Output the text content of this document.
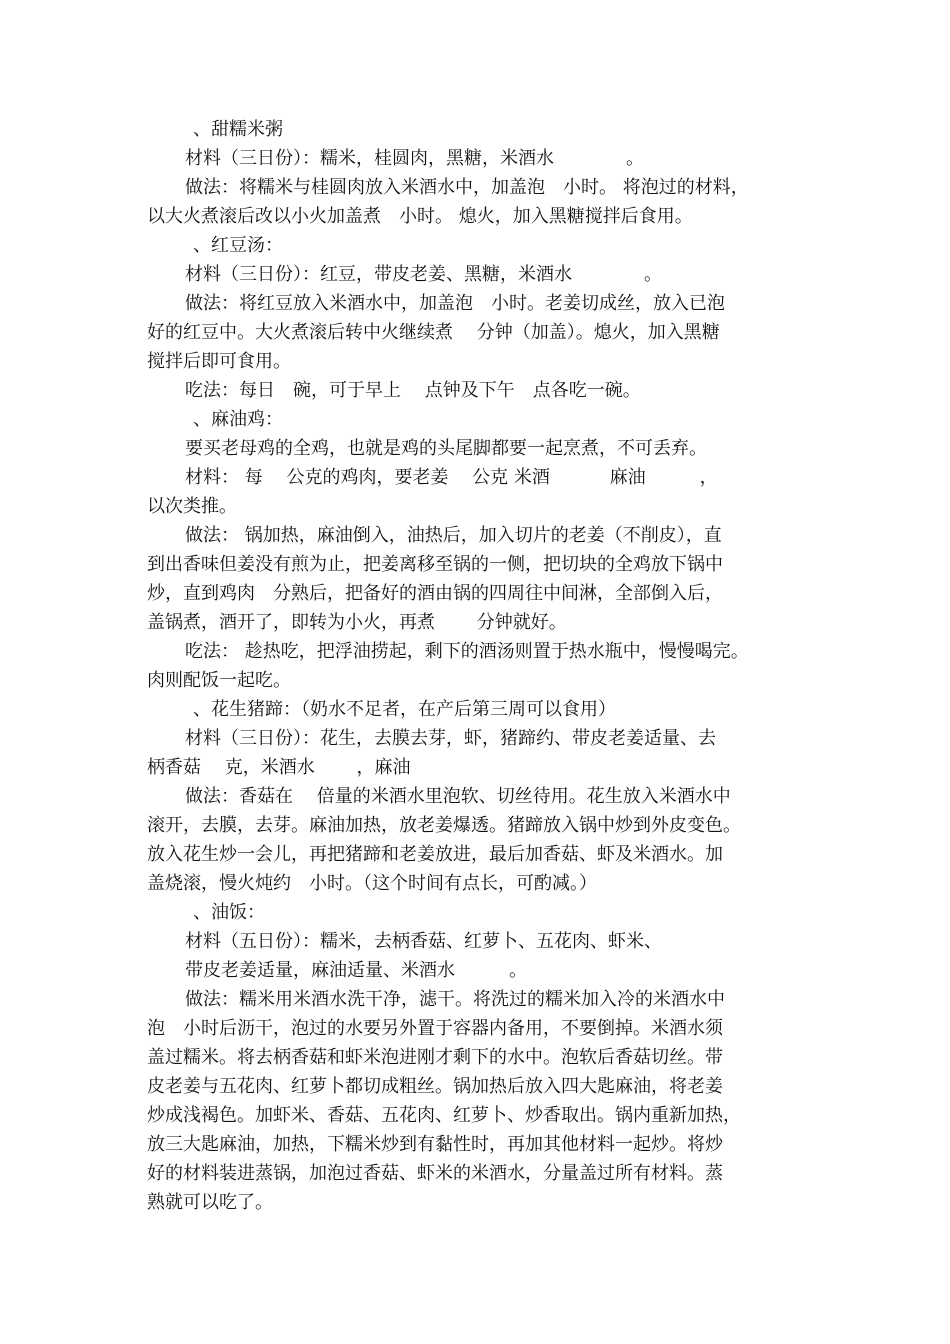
、甜糯米粥
材料（三日份）：糯米，桂圆肉，黑糖，米酒水　　　　。
做法：将糯米与桂圆肉放入米酒水中，加盖泡　小时。 将泡过的材料，
以大火煮滚后改以小火加盖煮　小时。 熄火，加入黑糖搅拌后食用。
、红豆汤：
材料（三日份）：红豆，带皮老姜、黑糖，米酒水　　　　。
做法：将红豆放入米酒水中，加盖泡　小时。老姜切成丝，放入已泡
好的红豆中。大火煮滚后转中火继续煮　 分钟（加盖）。熄火，加入黑糖
搅拌后即可食用。
吃法：每日　碗，可于早上　 点钟及下午　点各吃一碗。
、麻油鸡：
要买老母鸡的全鸡，也就是鸡的头尾脚都要一起烹煮，不可丢弃。
材料： 每　 公克的鸡肉，要老姜　 公克 米酒　　　 麻油　　　，
以次类推。
做法： 锅加热，麻油倒入，油热后，加入切片的老姜（不削皮），直
到出香味但姜没有煎为止，把姜离移至锅的一侧，把切块的全鸡放下锅中
炒，直到鸡肉　分熟后，把备好的酒由锅的四周往中间淋，全部倒入后，
盖锅煮，酒开了，即转为小火，再煮　　 分钟就好。
吃法： 趁热吃，把浮油捞起，剩下的酒汤则置于热水瓶中，慢慢喝完。
肉则配饭一起吃。
、花生猪蹄：（奶水不足者，在产后第三周可以食用）
材料（三日份）：花生，去膜去芽，虾，猪蹄约、带皮老姜适量、去
柄香菇　 克，米酒水　　 ，麻油　　
做法：香菇在　 倍量的米酒水里泡软、切丝待用。花生放入米酒水中
滚开，去膜，去芽。麻油加热，放老姜爆透。猪蹄放入锅中炒到外皮变色。
放入花生炒一会儿，再把猪蹄和老姜放进，最后加香菇、虾及米酒水。加
盖烧滚，慢火炖约　小时。（这个时间有点长，可酌减。）
、油饭：
材料（五日份）：糯米，去柄香菇、红萝卜、五花肉、虾米、
带皮老姜适量，麻油适量、米酒水　　　。
做法：糯米用米酒水洗干净，滤干。将洗过的糯米加入冷的米酒水中
泡　小时后沥干，泡过的水要另外置于容器内备用，不要倒掉。米酒水须
盖过糯米。将去柄香菇和虾米泡进刚才剩下的水中。泡软后香菇切丝。带
皮老姜与五花肉、红萝卜都切成粗丝。锅加热后放入四大匙麻油，将老姜
炒成浅褐色。加虾米、香菇、五花肉、红萝卜、炒香取出。锅内重新加热，
放三大匙麻油，加热，下糯米炒到有黏性时，再加其他材料一起炒。将炒
好的材料装进蒸锅，加泡过香菇、虾米的米酒水，分量盖过所有材料。蒸
熟就可以吃了。
